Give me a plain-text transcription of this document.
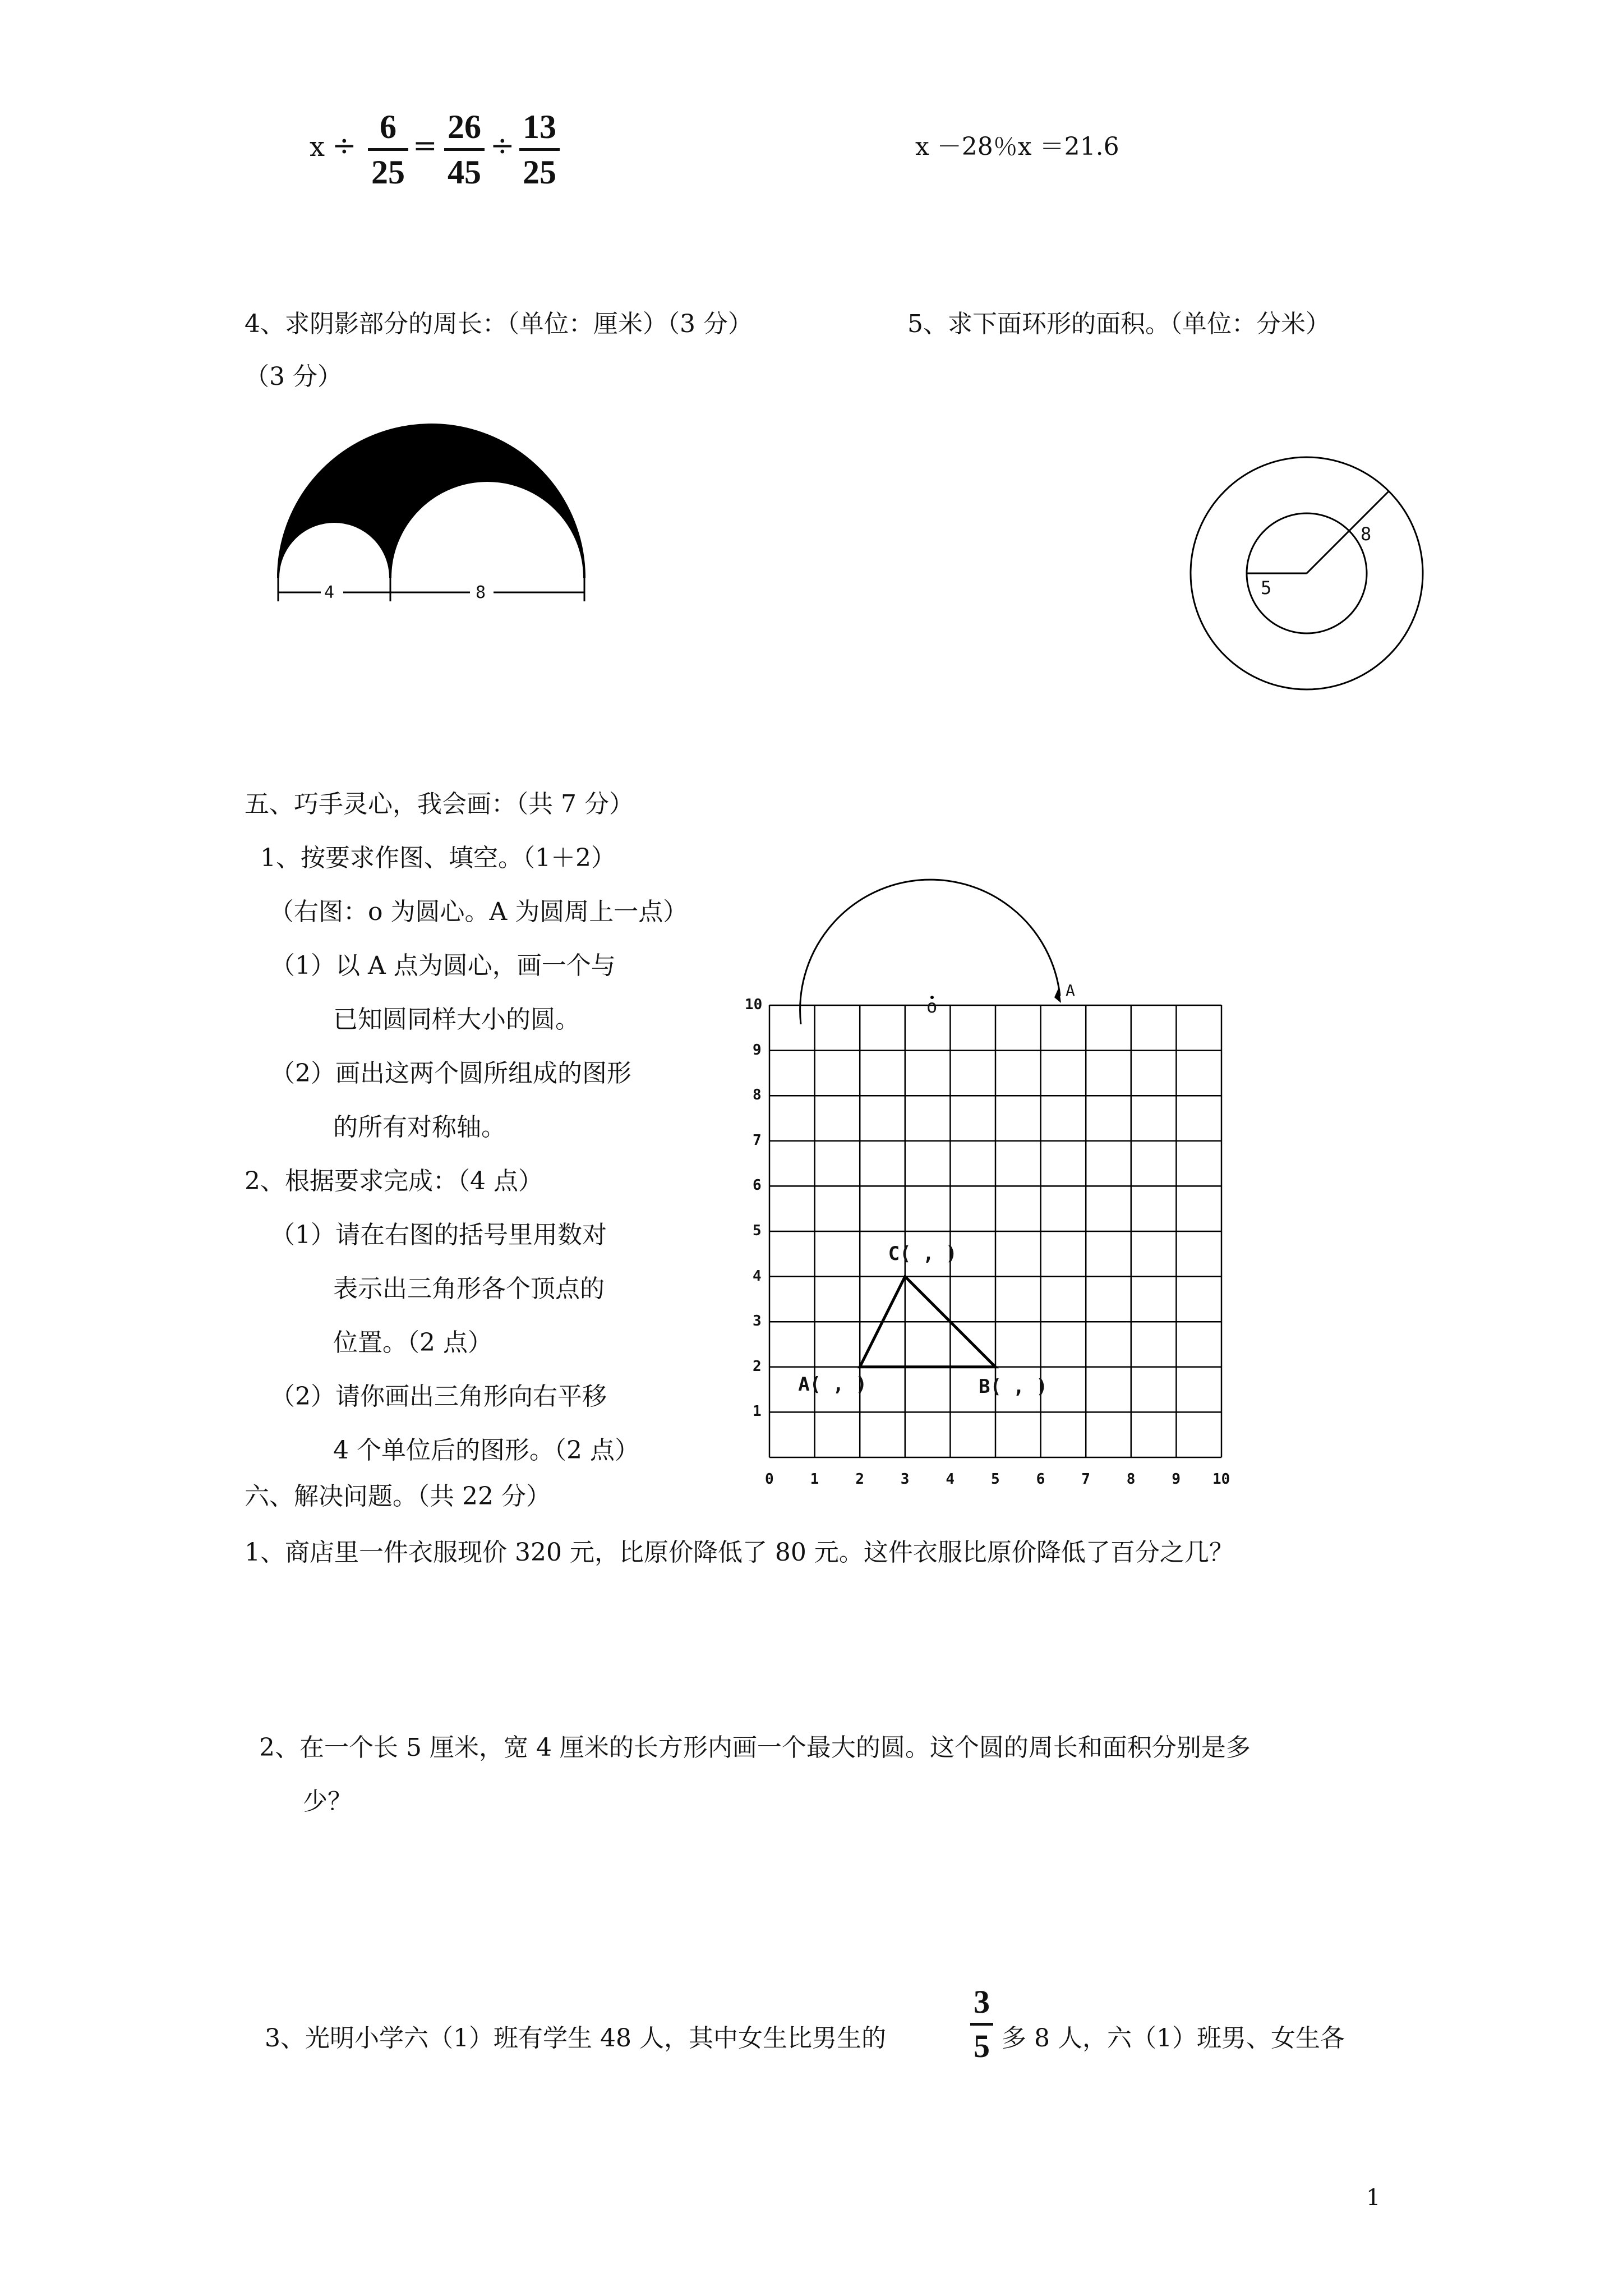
$x \div \frac{6}{25} = \frac{26}{45} \div \frac{13}{25}$	x －28％x ＝21.6
4、求阴影部分的周长：（单位：厘米）（3 分）	5、求下面环形的面积。（单位：分米）
（3 分）
4	8	5
8
o
A
五、巧手灵心，我会画：（共 7 分）
1、按要求作图、填空。（1＋2）
（右图：o 为圆心。A 为圆周上一点）
（1）以 A 点为圆心，画一个与
已知圆同样大小的圆。
（2）画出这两个圆所组成的图形
的所有对称轴。
2、根据要求完成：（4 点）
（1）请在右图的括号里用数对
表示出三角形各个顶点的
位置。（2 点）
（2）请你画出三角形向右平移
4 个单位后的图形。（2 点）
0 1 2 3 4 5 6 7 8 9 10
1
2
3
4
5
6
7
8
9
10
A( , )	B( , )
C( , )
六、解决问题。（共 22 分）
1、商店里一件衣服现价 320 元，比原价降低了 80 元。这件衣服比原价降低了百分之几？
2、在一个长 5 厘米，宽 4 厘米的长方形内画一个最大的圆。这个圆的周长和面积分别是多
少？
3、光明小学六（1）班有学生 48 人，其中女生比男生的	$\frac{3}{5}$ 多 8 人，六（1）班男、女生各
1
